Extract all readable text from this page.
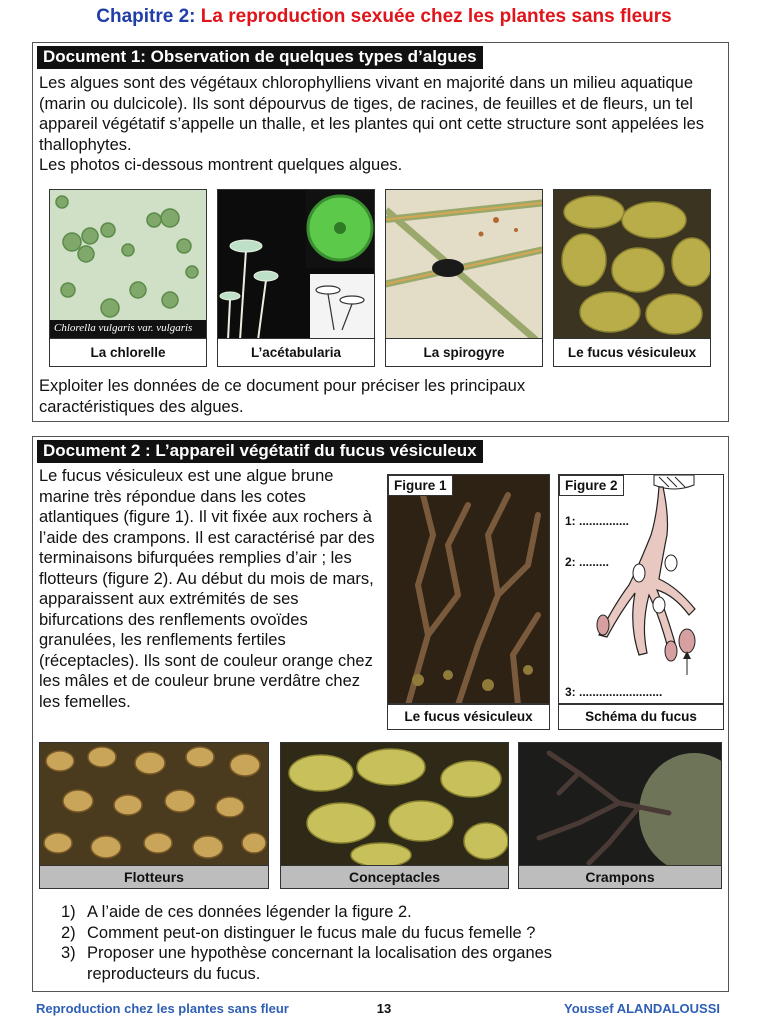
Chapitre 2: La reproduction sexuée chez les plantes sans fleurs
Document 1: Observation de quelques types d’algues

Les algues sont des végétaux chlorophylliens vivant en majorité dans un milieu aquatique (marin ou dulcicole). Ils sont dépourvus de tiges, de racines, de feuilles et de fleurs, un tel appareil végétatif s’appelle un thalle, et les plantes qui ont cette structure sont appelées les thallophytes.

Les photos ci-dessous montrent quelques algues.

Chlorella vulgaris var. vulgaris
La chlorelle	L’acétabularia	La spirogyre	Le fucus vésiculeux
Exploiter les données de ce document pour préciser les principaux caractéristiques des algues.
Document 2 : L’appareil végétatif du fucus vésiculeux
Le fucus vésiculeux est une algue brune marine très répondue dans les cotes atlantiques (figure 1). Il vit fixée aux rochers à l’aide des crampons. Il est caractérisé par des terminaisons bifurquées remplies d’air ; les flotteurs (figure 2). Au début du mois de mars, apparaissent aux extrémités de ses bifurcations des renflements ovoïdes granulées, les renflements fertiles (réceptacles). Ils sont de couleur orange chez les mâles et de couleur brune verdâtre chez les femelles.
Figure 1
Le fucus vésiculeux
Figure 2
1: ...............
2: .........
3: .........................
Schéma du fucus
Flotteurs	Conceptacles	Crampons
1) A l’aide de ces données légender la figure 2.
2) Comment peut-on distinguer le fucus male du fucus femelle ?
3) Proposer une hypothèse concernant la localisation des organes reproducteurs du fucus.
13
Reproduction chez les plantes sans fleur	Youssef ALANDALOUSSI
